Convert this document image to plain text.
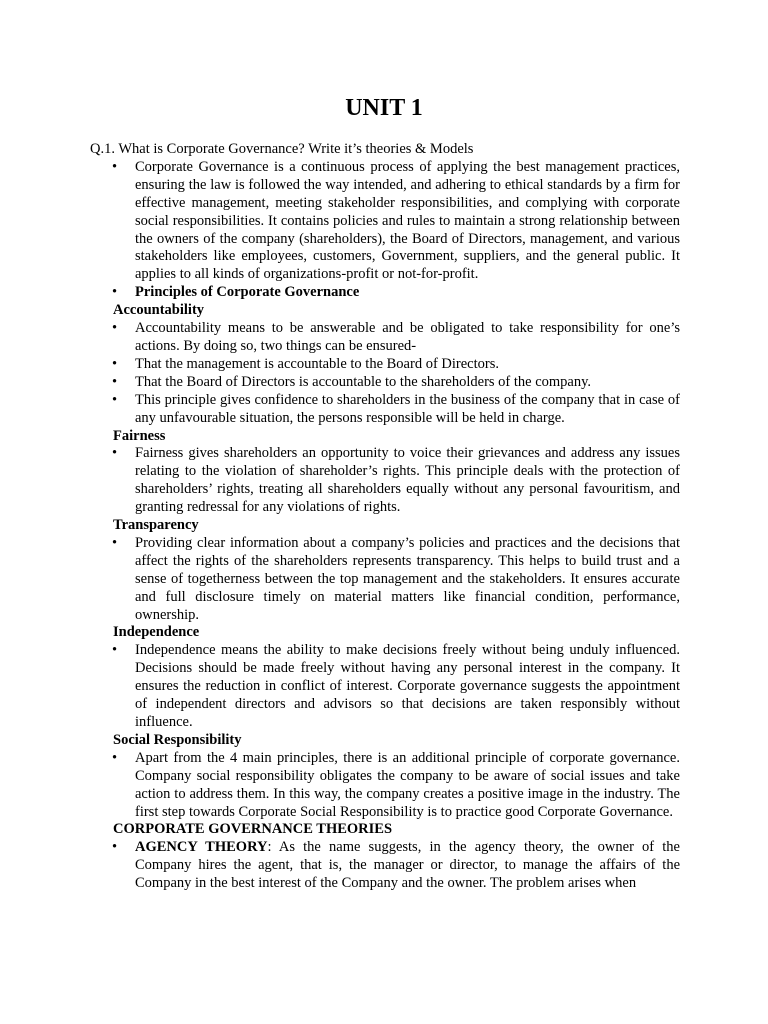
UNIT 1

Q.1. What is Corporate Governance? Write it’s theories & Models

• Corporate Governance is a continuous process of applying the best management practices, ensuring the law is followed the way intended, and adhering to ethical standards by a firm for effective management, meeting stakeholder responsibilities, and complying with corporate social responsibilities. It contains policies and rules to maintain a strong relationship between the owners of the company (shareholders), the Board of Directors, management, and various stakeholders like employees, customers, Government, suppliers, and the general public. It applies to all kinds of organizations-profit or not-for-profit.
• Principles of Corporate Governance

Accountability

• Accountability means to be answerable and be obligated to take responsibility for one’s actions. By doing so, two things can be ensured-
• That the management is accountable to the Board of Directors.
• That the Board of Directors is accountable to the shareholders of the company.
• This principle gives confidence to shareholders in the business of the company that in case of any unfavourable situation, the persons responsible will be held in charge.

Fairness

• Fairness gives shareholders an opportunity to voice their grievances and address any issues relating to the violation of shareholder’s rights. This principle deals with the protection of shareholders’ rights, treating all shareholders equally without any personal favouritism, and granting redressal for any violations of rights.

Transparency

• Providing clear information about a company’s policies and practices and the decisions that affect the rights of the shareholders represents transparency. This helps to build trust and a sense of togetherness between the top management and the stakeholders. It ensures accurate and full disclosure timely on material matters like financial condition, performance, ownership.

Independence

• Independence means the ability to make decisions freely without being unduly influenced. Decisions should be made freely without having any personal interest in the company. It ensures the reduction in conflict of interest. Corporate governance suggests the appointment of independent directors and advisors so that decisions are taken responsibly without influence.

Social Responsibility

• Apart from the 4 main principles, there is an additional principle of corporate governance. Company social responsibility obligates the company to be aware of social issues and take action to address them. In this way, the company creates a positive image in the industry. The first step towards Corporate Social Responsibility is to practice good Corporate Governance.

CORPORATE GOVERNANCE THEORIES

• AGENCY THEORY: As the name suggests, in the agency theory, the owner of the Company hires the agent, that is, the manager or director, to manage the affairs of the Company in the best interest of the Company and the owner. The problem arises when
